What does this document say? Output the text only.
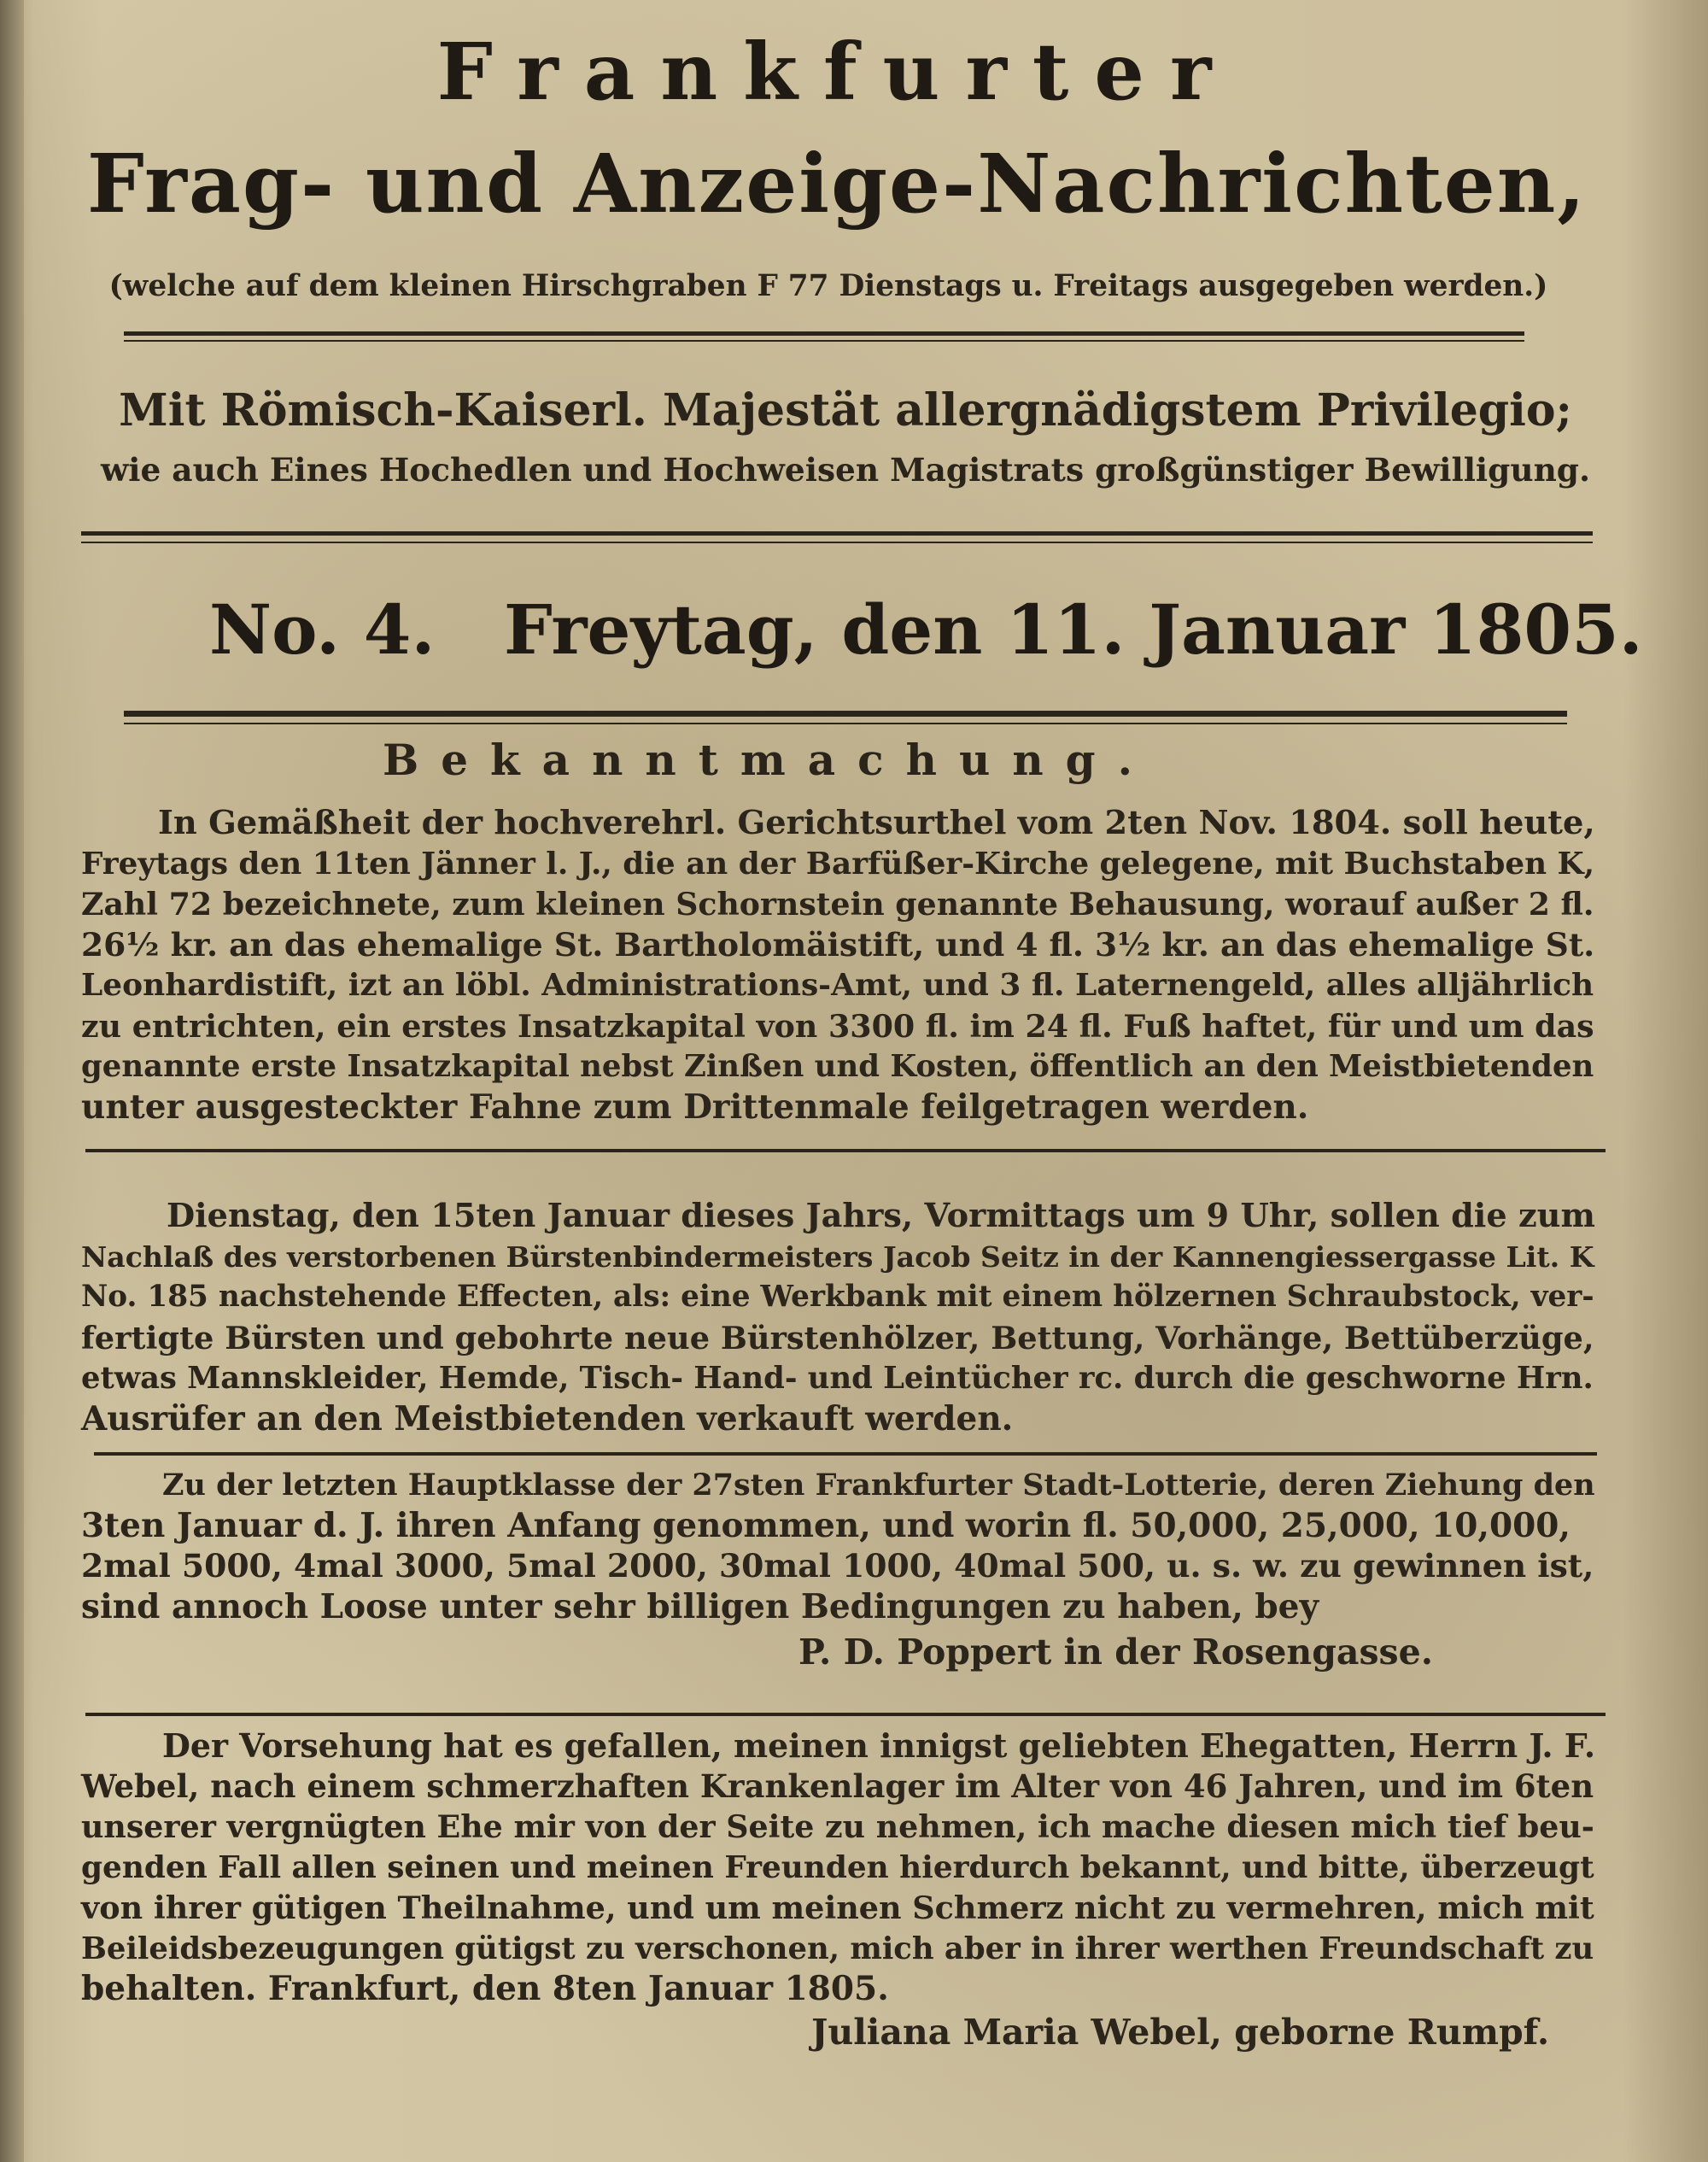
Frankfurter
Frag- und Anzeige-Nachrichten,
(welche auf dem kleinen Hirschgraben F 77 Dienstags u. Freitags ausgegeben werden.)
Mit Römisch-Kaiserl. Majestät allergnädigstem Privilegio;
wie auch Eines Hochedlen und Hochweisen Magistrats großgünstiger Bewilligung.
No. 4. Freytag, den 11. Januar 1805.
Bekanntmachung.
In Gemäßheit der hochverehrl. Gerichtsurthel vom 2ten Nov. 1804. soll heute,
Freytags den 11ten Jänner l. J., die an der Barfüßer-Kirche gelegene, mit Buchstaben K,
Zahl 72 bezeichnete, zum kleinen Schornstein genannte Behausung, worauf außer 2 fl.
26½ kr. an das ehemalige St. Bartholomäistift, und 4 fl. 3½ kr. an das ehemalige St.
Leonhardistift, izt an löbl. Administrations-Amt, und 3 fl. Laternengeld, alles alljährlich
zu entrichten, ein erstes Insatzkapital von 3300 fl. im 24 fl. Fuß haftet, für und um das
genannte erste Insatzkapital nebst Zinßen und Kosten, öffentlich an den Meistbietenden
unter ausgesteckter Fahne zum Drittenmale feilgetragen werden.
Dienstag, den 15ten Januar dieses Jahrs, Vormittags um 9 Uhr, sollen die zum
Nachlaß des verstorbenen Bürstenbindermeisters Jacob Seitz in der Kannengiessergasse Lit. K
No. 185 nachstehende Effecten, als: eine Werkbank mit einem hölzernen Schraubstock, ver-
fertigte Bürsten und gebohrte neue Bürstenhölzer, Bettung, Vorhänge, Bettüberzüge,
etwas Mannskleider, Hemde, Tisch- Hand- und Leintücher rc. durch die geschworne Hrn.
Ausrüfer an den Meistbietenden verkauft werden.
Zu der letzten Hauptklasse der 27sten Frankfurter Stadt-Lotterie, deren Ziehung den
3ten Januar d. J. ihren Anfang genommen, und worin fl. 50,000, 25,000, 10,000,
2mal 5000, 4mal 3000, 5mal 2000, 30mal 1000, 40mal 500, u. s. w. zu gewinnen ist,
sind annoch Loose unter sehr billigen Bedingungen zu haben, bey
P. D. Poppert in der Rosengasse.
Der Vorsehung hat es gefallen, meinen innigst geliebten Ehegatten, Herrn J. F.
Webel, nach einem schmerzhaften Krankenlager im Alter von 46 Jahren, und im 6ten
unserer vergnügten Ehe mir von der Seite zu nehmen, ich mache diesen mich tief beu-
genden Fall allen seinen und meinen Freunden hierdurch bekannt, und bitte, überzeugt
von ihrer gütigen Theilnahme, und um meinen Schmerz nicht zu vermehren, mich mit
Beileidsbezeugungen gütigst zu verschonen, mich aber in ihrer werthen Freundschaft zu
behalten. Frankfurt, den 8ten Januar 1805.
Juliana Maria Webel, geborne Rumpf.
